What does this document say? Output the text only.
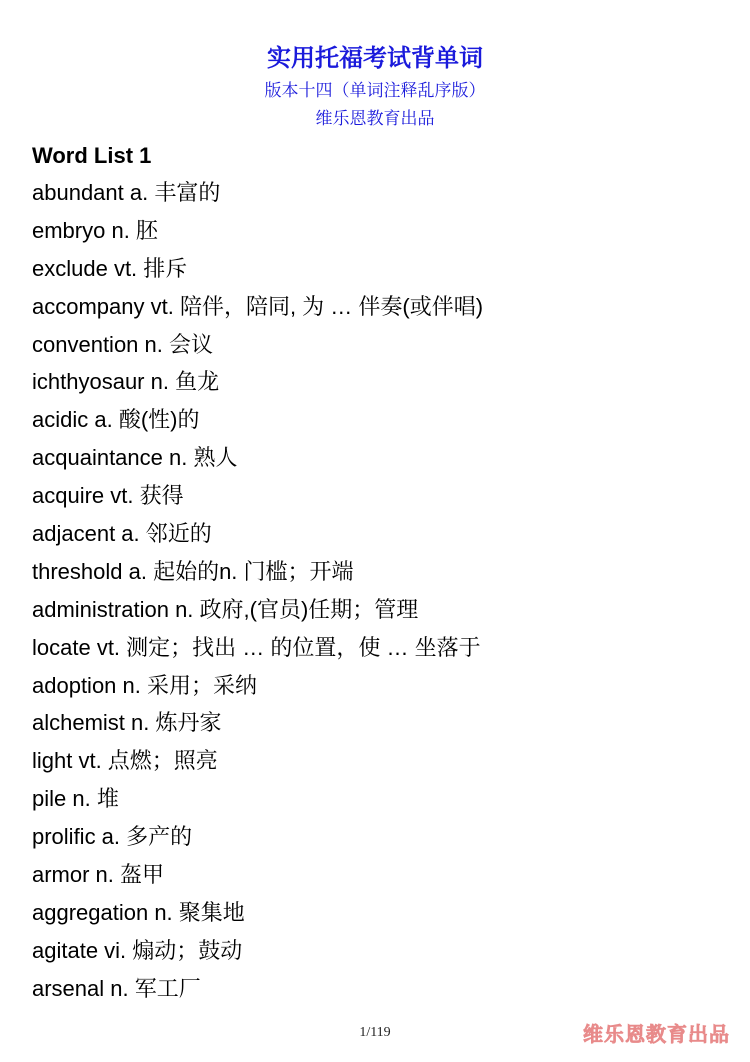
实用托福考试背单词
版本十四（单词注释乱序版）
维乐恩教育出品
Word List 1
abundant a. 丰富的
embryo n. 胚
exclude vt. 排斥
accompany vt. 陪伴，陪同, 为 … 伴奏(或伴唱)
convention n. 会议
ichthyosaur n. 鱼龙
acidic a. 酸(性)的
acquaintance n. 熟人
acquire vt. 获得
adjacent a. 邻近的
threshold a. 起始的n. 门槛；开端
administration n. 政府,(官员)任期；管理
locate vt. 测定；找出 … 的位置，使 … 坐落于
adoption n. 采用；采纳
alchemist n. 炼丹家
light vt. 点燃；照亮
pile n. 堆
prolific a. 多产的
armor n. 盔甲
aggregation n. 聚集地
agitate vi. 煽动；鼓动
arsenal n. 军工厂
1/119	维乐恩教育出品
